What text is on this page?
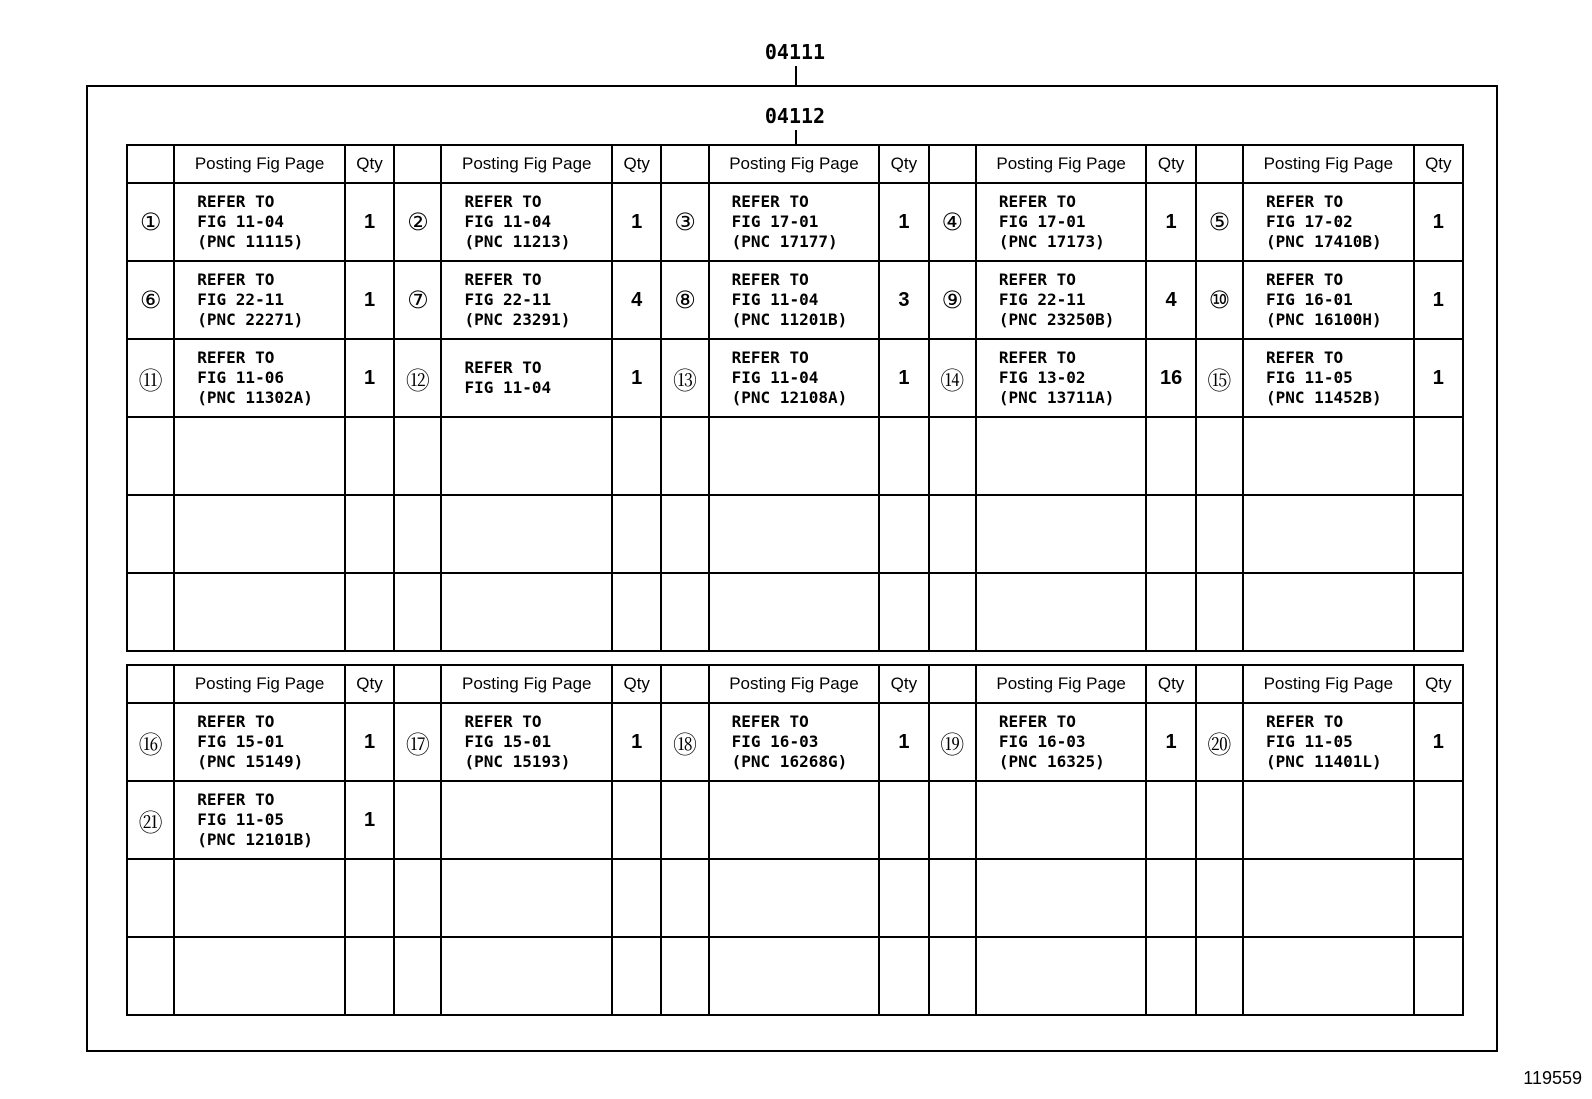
04111
04112
	Posting Fig Page	Qty		Posting Fig Page	Qty		Posting Fig Page	Qty		Posting Fig Page	Qty		Posting Fig Page	Qty
①	REFER TO
FIG 11-04
(PNC 11115)	1	②	REFER TO
FIG 11-04
(PNC 11213)	1	③	REFER TO
FIG 17-01
(PNC 17177)	1	④	REFER TO
FIG 17-01
(PNC 17173)	1	⑤	REFER TO
FIG 17-02
(PNC 17410B)	1
⑥	REFER TO
FIG 22-11
(PNC 22271)	1	⑦	REFER TO
FIG 22-11
(PNC 23291)	4	⑧	REFER TO
FIG 11-04
(PNC 11201B)	3	⑨	REFER TO
FIG 22-11
(PNC 23250B)	4	⑩	REFER TO
FIG 16-01
(PNC 16100H)	1
⑪	REFER TO
FIG 11-06
(PNC 11302A)	1	⑫	REFER TO
FIG 11-04	1	⑬	REFER TO
FIG 11-04
(PNC 12108A)	1	⑭	REFER TO
FIG 13-02
(PNC 13711A)	16	⑮	REFER TO
FIG 11-05
(PNC 11452B)	1

	Posting Fig Page	Qty		Posting Fig Page	Qty		Posting Fig Page	Qty		Posting Fig Page	Qty		Posting Fig Page	Qty
⑯	REFER TO
FIG 15-01
(PNC 15149)	1	⑰	REFER TO
FIG 15-01
(PNC 15193)	1	⑱	REFER TO
FIG 16-03
(PNC 16268G)	1	⑲	REFER TO
FIG 16-03
(PNC 16325)	1	⑳	REFER TO
FIG 11-05
(PNC 11401L)	1
㉑	REFER TO
FIG 11-05
(PNC 12101B)	1												

119559
